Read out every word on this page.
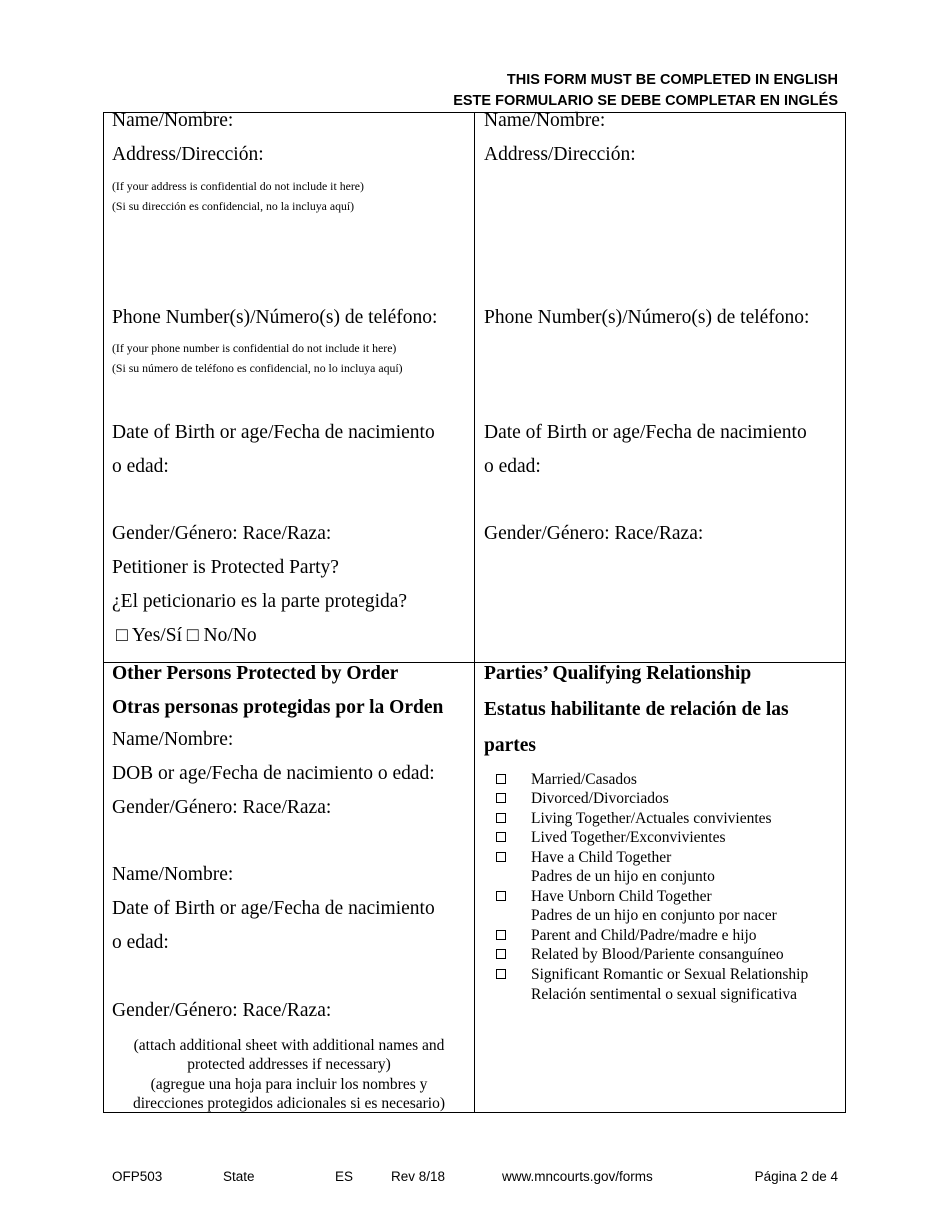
THIS FORM MUST BE COMPLETED IN ENGLISH
ESTE FORMULARIO SE DEBE COMPLETAR EN INGLÉS
Name/Nombre:
Address/Dirección:
(If your address is confidential do not include it here)
(Si su dirección es confidencial, no la incluya aquí)
Phone Number(s)/Número(s) de teléfono:
(If your phone number is confidential do not include it here)
(Si su número de teléfono es confidencial, no lo incluya aquí)
Date of Birth or age/Fecha de nacimiento
o edad:
Gender/Género: Race/Raza:
Petitioner is Protected Party?
¿El peticionario es la parte protegida?
□ Yes/Sí □ No/No
Name/Nombre:
Address/Dirección:
Phone Number(s)/Número(s) de teléfono:
Date of Birth or age/Fecha de nacimiento
o edad:
Gender/Género: Race/Raza:
Other Persons Protected by Order
Otras personas protegidas por la Orden
Name/Nombre:
DOB or age/Fecha de nacimiento o edad:
Gender/Género: Race/Raza:
Name/Nombre:
Date of Birth or age/Fecha de nacimiento
o edad:
Gender/Género: Race/Raza:
(attach additional sheet with additional names and
protected addresses if necessary)
(agregue una hoja para incluir los nombres y
direcciones protegidos adicionales si es necesario)
Parties’ Qualifying Relationship
Estatus habilitante de relación de las
partes
Married/Casados
Divorced/Divorciados
Living Together/Actuales convivientes
Lived Together/Exconvivientes
Have a Child Together
Padres de un hijo en conjunto
Have Unborn Child Together
Padres de un hijo en conjunto por nacer
Parent and Child/Padre/madre e hijo
Related by Blood/Pariente consanguíneo
Significant Romantic or Sexual Relationship
Relación sentimental o sexual significativa
OFP503	State	ES	Rev 8/18	www.mncourts.gov/forms	Página 2 de 4
